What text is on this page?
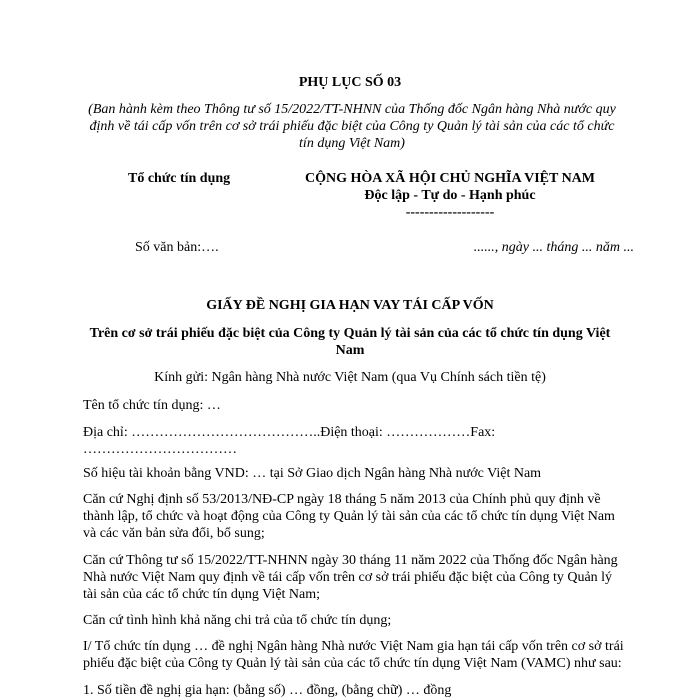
PHỤ LỤC SỐ 03
(Ban hành kèm theo Thông tư số 15/2022/TT-NHNN của Thống đốc Ngân hàng Nhà nước quy định về tái cấp vốn trên cơ sở trái phiếu đặc biệt của Công ty Quản lý tài sản của các tổ chức tín dụng Việt Nam)
Tổ chức tín dụng	CỘNG HÒA XÃ HỘI CHỦ NGHĨA VIỆT NAM
Độc lập - Tự do - Hạnh phúc
-------------------
Số văn bản:….	......, ngày ... tháng ... năm ...
GIẤY ĐỀ NGHỊ GIA HẠN VAY TÁI CẤP VỐN
Trên cơ sở trái phiếu đặc biệt của Công ty Quản lý tài sản của các tổ chức tín dụng Việt Nam
Kính gửi: Ngân hàng Nhà nước Việt Nam (qua Vụ Chính sách tiền tệ)
Tên tổ chức tín dụng: …
Địa chỉ: …………………………………..Điện thoại: ………………Fax:
……………………………
Số hiệu tài khoản bằng VND: … tại Sở Giao dịch Ngân hàng Nhà nước Việt Nam
Căn cứ Nghị định số 53/2013/NĐ-CP ngày 18 tháng 5 năm 2013 của Chính phủ quy định về thành lập, tổ chức và hoạt động của Công ty Quản lý tài sản của các tổ chức tín dụng Việt Nam và các văn bản sửa đổi, bổ sung;
Căn cứ Thông tư số 15/2022/TT-NHNN ngày 30 tháng 11 năm 2022 của Thống đốc Ngân hàng Nhà nước Việt Nam quy định về tái cấp vốn trên cơ sở trái phiếu đặc biệt của Công ty Quản lý tài sản của các tổ chức tín dụng Việt Nam;
Căn cứ tình hình khả năng chi trả của tổ chức tín dụng;
I/ Tổ chức tín dụng … đề nghị Ngân hàng Nhà nước Việt Nam gia hạn tái cấp vốn trên cơ sở trái phiếu đặc biệt của Công ty Quản lý tài sản của các tổ chức tín dụng Việt Nam (VAMC) như sau:
1. Số tiền đề nghị gia hạn: (bằng số) … đồng, (bằng chữ) … đồng
